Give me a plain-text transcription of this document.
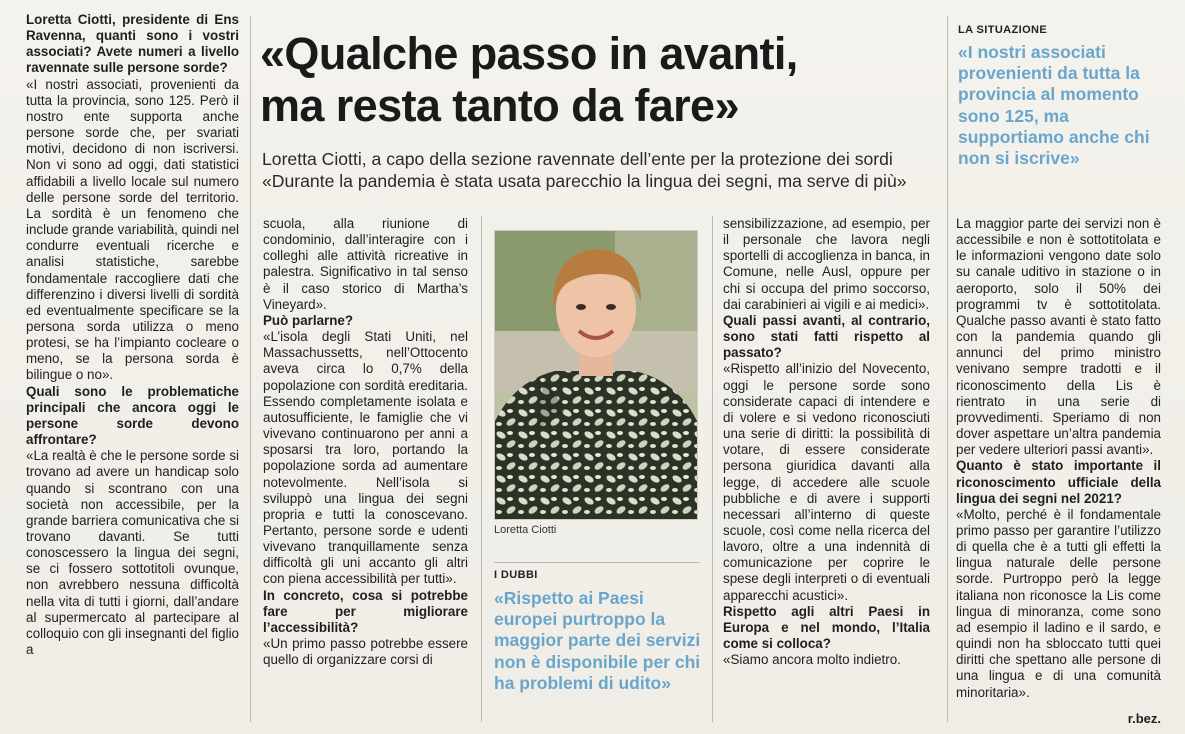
Loretta Ciotti, presidente di Ens Ravenna, quanti sono i vostri associati? Avete numeri a livello ravennate sulle persone sorde?

«I nostri associati, provenienti da tutta la provincia, sono 125. Però il nostro ente supporta anche persone sorde che, per svariati motivi, decidono di non iscriversi. Non vi sono ad oggi, dati statistici affidabili a livello locale sul numero delle persone sorde del territorio. La sordità è un fenomeno che include grande variabilità, quindi nel condurre eventuali ricerche e analisi statistiche, sarebbe fondamentale raccogliere dati che differenzino i diversi livelli di sordità ed eventualmente specificare se la persona sorda utilizza o meno protesi, se ha l’impianto cocleare o meno, se la persona sorda è bilingue o no».

Quali sono le problematiche principali che ancora oggi le persone sorde devono affrontare?

«La realtà è che le persone sorde si trovano ad avere un handicap solo quando si scontrano con una società non accessibile, per la grande barriera comunicativa che si trovano davanti. Se tutti conoscessero la lingua dei segni, se ci fossero sottotitoli ovunque, non avrebbero nessuna difficoltà nella vita di tutti i giorni, dall’andare al supermercato al partecipare al colloquio con gli insegnanti del figlio a

«Qualche passo in avanti,
ma resta tanto da fare»
Loretta Ciotti, a capo della sezione ravennate dell’ente per la protezione dei sordi
«Durante la pandemia è stata usata parecchio la lingua dei segni, ma serve di più»
LA SITUAZIONE
«I nostri associati provenienti da tutta la provincia al momento sono 125, ma supportiamo anche chi non si iscrive»

scuola, alla riunione di condominio, dall’interagire con i colleghi alle attività ricreative in palestra. Significativo in tal senso è il caso storico di Martha’s Vineyard».

Può parlarne?

«L’isola degli Stati Uniti, nel Massachussetts, nell’Ottocento aveva circa lo 0,7% della popolazione con sordità ereditaria. Essendo completamente isolata e autosufficiente, le famiglie che vi vivevano continuarono per anni a sposarsi tra loro, portando la popolazione sorda ad aumentare notevolmente. Nell’isola si sviluppò una lingua dei segni propria e tutti la conoscevano. Pertanto, persone sorde e udenti vivevano tranquillamente senza difficoltà gli uni accanto gli altri con piena accessibilità per tutti».

In concreto, cosa si potrebbe fare per migliorare l’accessibilità?

«Un primo passo potrebbe essere quello di organizzare corsi di

Loretta Ciotti
I DUBBI
«Rispetto ai Paesi europei purtroppo la maggior parte dei servizi non è disponibile per chi ha problemi di udito»

sensibilizzazione, ad esempio, per il personale che lavora negli sportelli di accoglienza in banca, in Comune, nelle Ausl, oppure per chi si occupa del primo soccorso, dai carabinieri ai vigili e ai medici».

Quali passi avanti, al contrario, sono stati fatti rispetto al passato?

«Rispetto all’inizio del Novecento, oggi le persone sorde sono considerate capaci di intendere e di volere e si vedono riconosciuti una serie di diritti: la possibilità di votare, di essere considerate persona giuridica davanti alla legge, di accedere alle scuole pubbliche e di avere i supporti necessari all’interno di queste scuole, così come nella ricerca del lavoro, oltre a una indennità di comunicazione per coprire le spese degli interpreti o di eventuali apparecchi acustici».

Rispetto agli altri Paesi in Europa e nel mondo, l’Italia come si colloca?

«Siamo ancora molto indietro.

La maggior parte dei servizi non è accessibile e non è sottotitolata e le informazioni vengono date solo su canale uditivo in stazione o in aeroporto, solo il 50% dei programmi tv è sottotitolata. Qualche passo avanti è stato fatto con la pandemia quando gli annunci del primo ministro venivano sempre tradotti e il riconoscimento della Lis è rientrato in una serie di provvedimenti. Speriamo di non dover aspettare un’altra pandemia per vedere ulteriori passi avanti».

Quanto è stato importante il riconoscimento ufficiale della lingua dei segni nel 2021?

«Molto, perché è il fondamentale primo passo per garantire l’utilizzo di quella che è a tutti gli effetti la lingua naturale delle persone sorde. Purtroppo però la legge italiana non riconosce la Lis come lingua di minoranza, come sono ad esempio il ladino e il sardo, e quindi non ha sbloccato tutti quei diritti che spettano alle persone di una lingua e di una comunità minoritaria».

r.bez.
